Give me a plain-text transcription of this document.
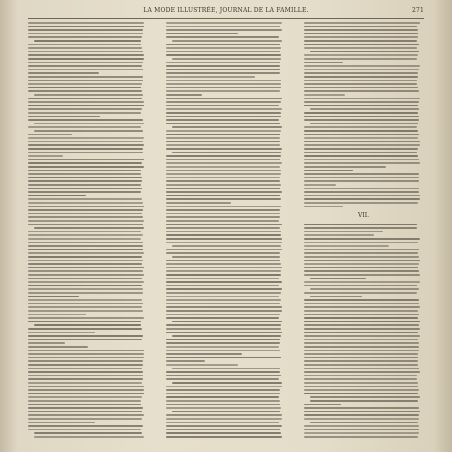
LA MODE ILLUSTRÉE, JOURNAL DE LA FAMILLE.	271
VII.
